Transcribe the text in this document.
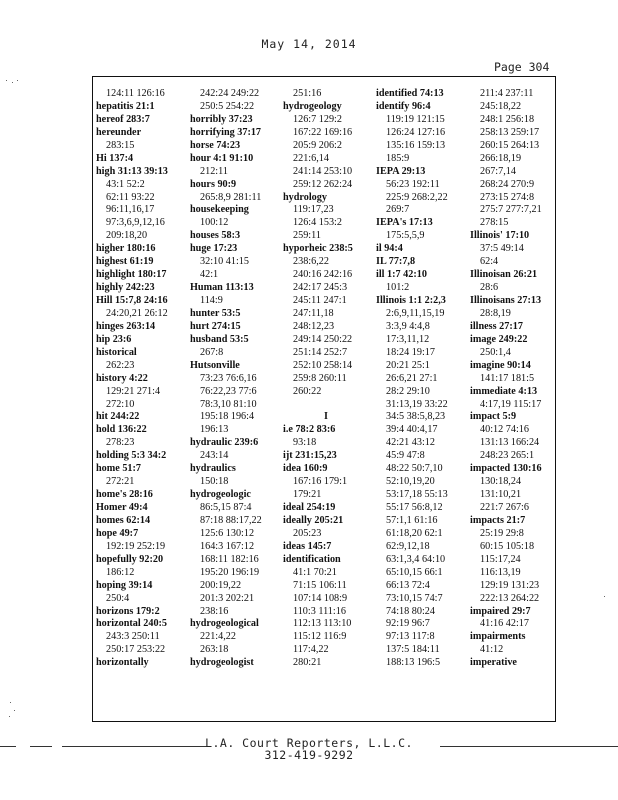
May 14, 2014
Page 304
124:11 126:16
hepatitis 21:1
hereof 283:7
hereunder
283:15
Hi 137:4
high 31:13 39:13
43:1 52:2
62:11 93:22
96:11,16,17
97:3,6,9,12,16
209:18,20
higher 180:16
highest 61:19
highlight 180:17
highly 242:23
Hill 15:7,8 24:16
24:20,21 26:12
hinges 263:14
hip 23:6
historical
262:23
history 4:22
129:21 271:4
272:10
hit 244:22
hold 136:22
278:23
holding 5:3 34:2
home 51:7
272:21
home's 28:16
Homer 49:4
homes 62:14
hope 49:7
192:19 252:19
hopefully 92:20
186:12
hoping 39:14
250:4
horizons 179:2
horizontal 240:5
243:3 250:11
250:17 253:22
horizontally
242:24 249:22
250:5 254:22
horribly 37:23
horrifying 37:17
horse 74:23
hour 4:1 91:10
212:11
hours 90:9
265:8,9 281:11
housekeeping
100:12
houses 58:3
huge 17:23
32:10 41:15
42:1
Human 113:13
114:9
hunter 53:5
hurt 274:15
husband 53:5
267:8
Hutsonville
73:23 76:6,16
76:22,23 77:6
78:3,10 81:10
195:18 196:4
196:13
hydraulic 239:6
243:14
hydraulics
150:18
hydrogeologic
86:5,15 87:4
87:18 88:17,22
125:6 130:12
164:3 167:12
168:11 182:16
195:20 196:19
200:19,22
201:3 202:21
238:16
hydrogeological
221:4,22
263:18
hydrogeologist
251:16
hydrogeology
126:7 129:2
167:22 169:16
205:9 206:2
221:6,14
241:14 253:10
259:12 262:24
hydrology
119:17,23
126:4 153:2
259:11
hyporheic 238:5
238:6,22
240:16 242:16
242:17 245:3
245:11 247:1
247:11,18
248:12,23
249:14 250:22
251:14 252:7
252:10 258:14
259:8 260:11
260:22
I
i.e 78:2 83:6
93:18
ijt 231:15,23
idea 160:9
167:16 179:1
179:21
ideal 254:19
ideally 205:21
205:23
ideas 145:7
identification
41:1 70:21
71:15 106:11
107:14 108:9
110:3 111:16
112:13 113:10
115:12 116:9
117:4,22
280:21
identified 74:13
identify 96:4
119:19 121:15
126:24 127:16
135:16 159:13
185:9
IEPA 29:13
56:23 192:11
225:9 268:2,22
269:7
IEPA's 17:13
175:5,5,9
il 94:4
IL 77:7,8
ill 1:7 42:10
101:2
Illinois 1:1 2:2,3
2:6,9,11,15,19
3:3,9 4:4,8
17:3,11,12
18:24 19:17
20:21 25:1
26:6,21 27:1
28:2 29:10
31:13,19 33:22
34:5 38:5,8,23
39:4 40:4,17
42:21 43:12
45:9 47:8
48:22 50:7,10
52:10,19,20
53:17,18 55:13
55:17 56:8,12
57:1,1 61:16
61:18,20 62:1
62:9,12,18
63:1,3,4 64:10
65:10,15 66:1
66:13 72:4
73:10,15 74:7
74:18 80:24
92:19 96:7
97:13 117:8
137:5 184:11
188:13 196:5
211:4 237:11
245:18,22
248:1 256:18
258:13 259:17
260:15 264:13
266:18,19
267:7,14
268:24 270:9
273:15 274:8
275:7 277:7,21
278:15
Illinois' 17:10
37:5 49:14
62:4
Illinoisan 26:21
28:6
Illinoisans 27:13
28:8,19
illness 27:17
image 249:22
250:1,4
imagine 90:14
141:17 181:5
immediate 4:13
4:17,19 115:17
impact 5:9
40:12 74:16
131:13 166:24
248:23 265:1
impacted 130:16
130:18,24
131:10,21
221:7 267:6
impacts 21:7
25:19 29:8
60:15 105:18
115:17,24
116:13,19
129:19 131:23
222:13 264:22
impaired 29:7
41:16 42:17
impairments
41:12
imperative
L.A. Court Reporters, L.L.C.
312-419-9292
